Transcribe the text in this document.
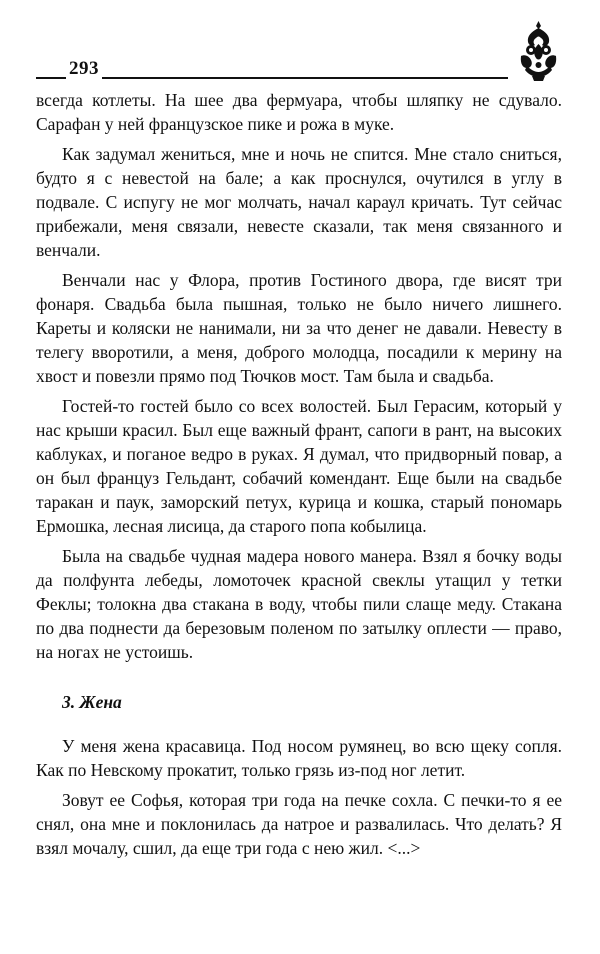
293

всегда котлеты. На шее два фермуара, чтобы шляпку не сдувало. Сарафан у ней французское пике и рожа в муке.

Как задумал жениться, мне и ночь не спится. Мне стало сниться, будто я с невестой на бале; а как проснулся, очутился в углу в подвале. С испугу не мог молчать, начал караул кричать. Тут сейчас прибежали, меня связали, невесте сказали, так меня связанного и венчали.

Венчали нас у Флора, против Гостиного двора, где висят три фонаря. Свадьба была пышная, только не было ничего лишнего. Кареты и коляски не нанимали, ни за что денег не давали. Невесту в телегу вворотили, а меня, доброго молодца, посадили к мерину на хвост и повезли прямо под Тючков мост. Там была и свадьба.

Гостей-то гостей было со всех волостей. Был Герасим, который у нас крыши красил. Был еще важный франт, сапоги в рант, на высоких каблуках, и поганое ведро в руках. Я думал, что придворный повар, а он был француз Гельдант, собачий комендант. Еще были на свадьбе таракан и паук, заморский петух, курица и кошка, старый пономарь Ермошка, лесная лисица, да старого попа кобылица.

Была на свадьбе чудная мадера нового манера. Взял я бочку воды да полфунта лебеды, ломоточек красной свеклы утащил у тетки Феклы; толокна два стакана в воду, чтобы пили слаще меду. Стакана по два поднести да березовым поленом по затылку оплести — право, на ногах не устоишь.

3. Жена

У меня жена красавица. Под носом румянец, во всю щеку сопля. Как по Невскому прокатит, только грязь из-под ног летит.

Зовут ее Софья, которая три года на печке сохла. С печки-то я ее снял, она мне и поклонилась да натрое и развалилась. Что делать? Я взял мочалу, сшил, да еще три года с нею жил. <...>
